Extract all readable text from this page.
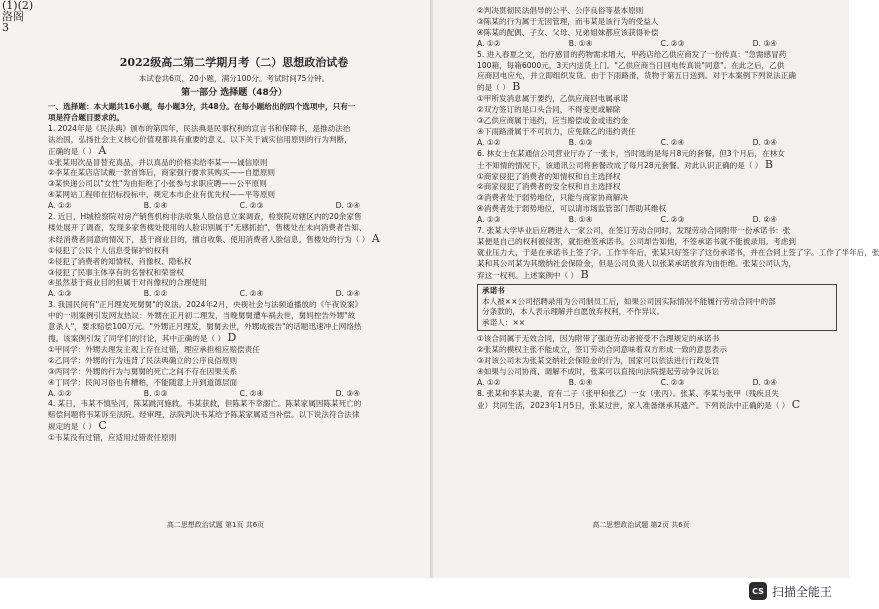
(1)(2)
洛阁
3
2022级高二第二学期月考（二）思想政治试卷
本试卷共6页，20小题，满分100分。考试时间75分钟。
第一部分 选择题（48分）
一、选择题：本大题共16小题，每小题3分，共48分。在每小题给出的四个选项中，只有一
项是符合题目要求的。
1. 2024年是《民法典》颁布的第四年，民法典是民事权利的宣言书和保障书，是推动法治
法治国，弘扬社会主义核心价值观都具有重要的意义。以下关于诚实信用原则的行为判断，
正确的是（ ） A
①张某用次品冒替充真品，并以真品的价格卖给李某——诚信原则
②李某在某店店试戴一款首饰后，商家强行要求其购买——自愿原则
③某快递公司以"女性"为由拒绝了小张参与求职应聘——公平原则
④某网站工程师在招标投标中，规定本市企业有优先权——平等原则
A. ①②	B. ①④	C. ②③	D. ③④
2. 近日，H城检察院对房产销售机构非法收集人脸信息立案调查，检察院对辖区内的20余家售
楼处展开了调查，发现多家售楼处使用的人脸识别属于"无感抓拍"，售楼处在未向消费者告知、
未经消费者同意的情况下，基于商业目的，擅自收集、使用消费者人脸信息。售楼处的行为（ ） A
①侵犯了公民个人信息受保护的权利
②侵犯了消费者的知情权、肖像权、隐私权
③侵犯了民事主体享有的名誉权和荣誉权
④虽然基于商业目的但属于对肖像权的合理使用
A. ①③	B. ①②	C. ②④	D. ③④
3. 我国民间有"正月理发死舅舅"的说法。2024年2月，央视社会与法频道播放的《午夜说案》
中的一则案例引发网友热议：外甥在正月初二理发，当晚舅舅遭车祸去世，舅妈控告外甥"故
意杀人"，要求赔偿100万元。"外甥正月理发，舅舅去世，外甥成被告"的话题迅速冲上网络热
搜。该案例引发了同学们的讨论，其中正确的是（ ） D
①甲同学：外甥去理发主观上存在过错，理应承担相应赔偿责任
②乙同学：外甥的行为违背了民法典确立的公序良俗原则
③丙同学：外甥的行为与舅舅的死亡之间不存在因果关系
④丁同学：民间习俗也有糟粕，不能随意上升到道德层面
A. ①②	B. ①③	C. ②④	D. ③④
4. 某日，韦某不慎坠河，陈某跳河施救。韦某获救，但陈某不幸溺亡。陈某家属因陈某死亡的
赔偿问题将韦某诉至法院。经审理，法院判决韦某给予陈某家属适当补偿。以下说法符合法律
规定的是（ ） C
①韦某没有过错，应适用过错责任原则
高二思想政治试题 第1页 共6页
②判决贯彻民法倡导的公平、公序良俗等基本原则
③陈某的行为属于无因管理，而韦某是该行为的受益人
④陈某的配偶、子女、父母、兄弟姐妹都应该获得补偿
A. ①②	B. ①④	C. ②③	D. ③④
5. 进入春夏之交，治疗感冒的药物需求增大，甲药店给乙供应商发了一份传真："急需感冒药
100箱，每箱6000元，3天内送货上门。"乙供应商当日回电传真说"同意"。在此之后，乙供
应商回电应允，并立即组织发货。由于下雨路滑，货物于第五日送到。对于本案例下列说法正确
的是（ ） B
①甲所发消息属于要约，乙供应商回电属承诺
②双方签订的是口头合同，不得变更或解除
③乙供应商属于违约，应当赔偿或金或违约金
④下雨路滑属于不可抗力，应免除乙的违约责任
A. ①②	B. ①③	C. ②④	D. ③④
6. 林女士在某通信公司营业厅办了一张卡，当时选的是每月8元的套餐，但3个月后，在林女
士不知情的情况下，该通讯公司将套餐改成了每月28元套餐。对此认识正确的是（ ） B
①商家侵犯了消费者的知情权和自主选择权
②商家侵犯了消费者的安全权和自主选择权
③消费者处于弱势地位，只能与商家协商解决
④消费者处于弱势地位，可以请市场监管部门帮助其维权
A. ①③	B. ①④	C. ②③	D. ②④
7. 张某大学毕业后应聘进入一家公司，在签订劳动合同时，发现劳动合同附带一份承诺书：张
某便是自己的权利被侵害，就拒绝签承诺书。公司却告知他，不签承诺书就不能被录用。考虑到
就业压力大，于是在承诺书上签了字。工作半年后，张某只好签字了这份承诺书，并在合同上签了字。工作了半年后，张
某和其公司某为其缴纳社会保险金，但是公司负责人以张某承诺放弃为由拒绝。张某公司认为，
弃这一权利。上述案例中（ ） B
承诺书
本人被××公司招聘录用为公司制员工后，如果公司因实际情况不能履行劳动合同中的部
分条款的，本人表示理解并自愿放弃权利，不作异议。
承诺人：××
①该合同属于无效合同，因为附带了强迫劳动者接受不合理规定的承诺书
②张某的模权主张不能成立，签订劳动合同意味着双方形成一致的意思表示
③对该公司未为张某交纳社会保险金的行为，国家可以依法进行行政处罚
④如果与公司协商、调解不成时，张某可以直接向法院提起劳动争议诉讼
A. ①②	B. ①④	C. ②③	D. ③④
8. 张某和李某夫妻，育有二子（张甲和张乙）一女（张丙）。张某、李某与张甲（残疾且失
业）共同生活，2023年1月5日，张某过世，家人准备继承其遗产。下列说法中正确的是（ ） C
高二思想政治试题 第2页 共6页
CS 扫描全能王
